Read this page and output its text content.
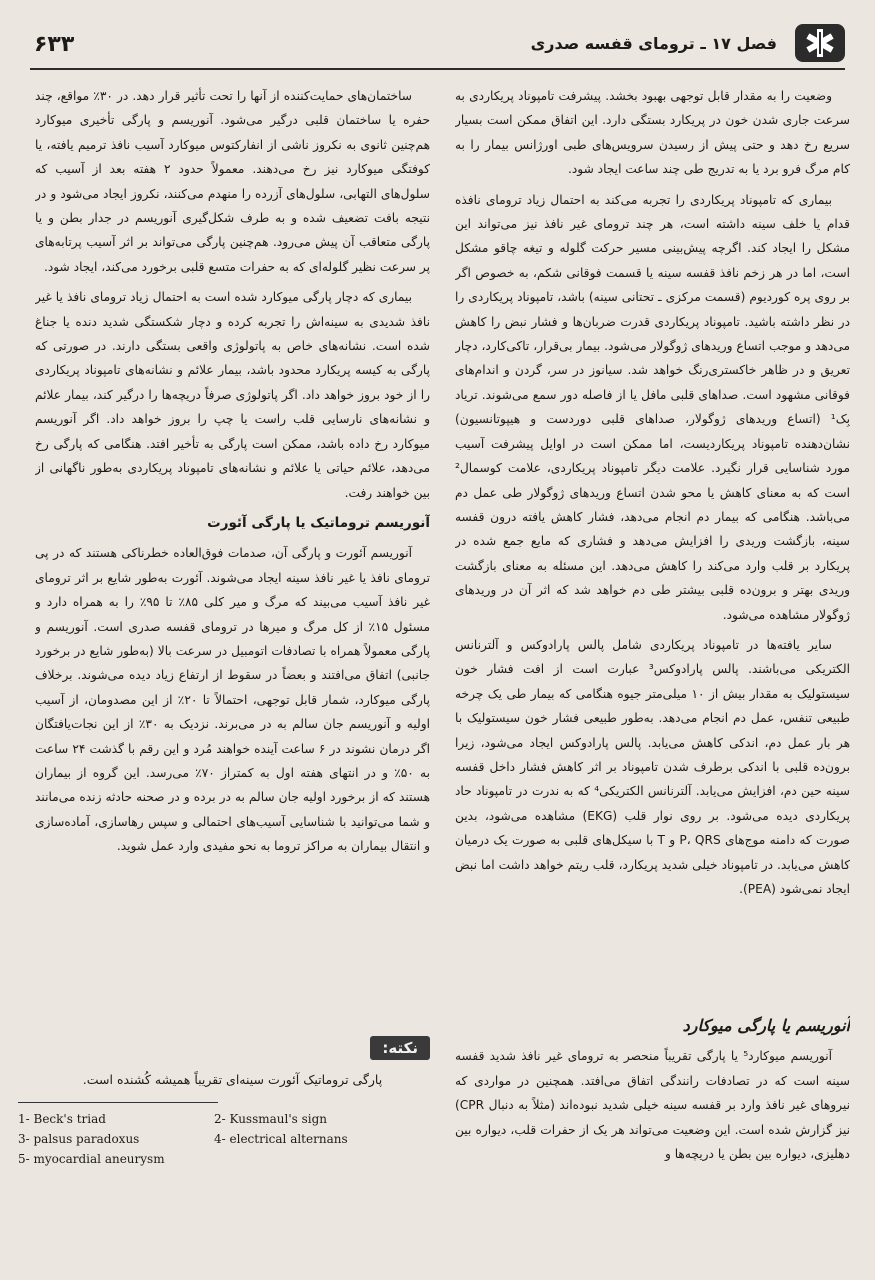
۶۳۳	فصل ۱۷ ـ ترومای قفسه صدری

وضعیت را به مقدار قابل توجهی بهبود بخشد. پیشرفت تامپوناد پریکاردی به سرعت جاری شدن خون در پریکارد بستگی دارد. این اتفاق ممکن است بسیار سریع رخ دهد و حتی پیش از رسیدن سرویس‌های طبی اورژانس بیمار را به کام مرگ فرو برد یا به تدریج طی چند ساعت ایجاد شود.

بیماری که تامپوناد پریکاردی را تجربه می‌کند به احتمال زیاد ترومای نافذه قدام یا خلف سینه داشته است، هر چند ترومای غیر نافذ نیز می‌تواند این مشکل را ایجاد کند. اگرچه پیش‌بینی مسیر حرکت گلوله و تیغه چاقو مشکل است، اما در هر زخم نافذ قفسه سینه یا قسمت فوقانی شکم، به خصوص اگر بر روی پره کوردیوم (قسمت مرکزی ـ تحتانی سینه) باشد، تامپوناد پریکاردی را در نظر داشته باشید. تامپوناد پریکاردی قدرت ضربان‌ها و فشار نبض را کاهش می‌دهد و موجب اتساع وریدهای ژوگولار می‌شود. بیمار بی‌قرار، تاکی‌کارد، دچار تعریق و در ظاهر خاکستری‌رنگ خواهد شد. سیانوز در سر، گردن و اندام‌های فوقانی مشهود است. صداهای قلبی مافل یا از فاصله دور سمع می‌شوند. ترياد بِک¹ (اتساع وریدهای ژوگولار، صداهای قلبی دوردست و هیپوتانسیون) نشان‌دهنده تامپوناد پریکاردیست، اما ممکن است در اوایل پیشرفت آسیب مورد شناسایی قرار نگیرد. علامت دیگر تامپوناد پریکاردی، علامت کوسمال² است که به معنای کاهش یا محو شدن اتساع وریدهای ژوگولار طی عمل دم می‌باشد. هنگامی که بیمار دم انجام می‌دهد، فشار کاهش یافته درون قفسه سینه، بازگشت وریدی را افزایش می‌دهد و فشاری که مایع جمع شده در پریکارد بر قلب وارد می‌کند را کاهش می‌دهد. این مسئله به معنای بازگشت وریدی بهتر و برون‌ده قلبی بیشتر طی دم خواهد شد که اثر آن در وریدهای ژوگولار مشاهده می‌شود.

سایر یافته‌ها در تامپوناد پریکاردی شامل پالس پارادوکس و آلترنانس الکتریکی می‌باشند. پالس پارادوکس³ عبارت است از افت فشار خون سیستولیک به مقدار بیش از ۱۰ میلی‌متر جیوه هنگامی که بیمار طی یک چرخه طبیعی تنفس، عمل دم انجام می‌دهد. به‌طور طبیعی فشار خون سیستولیک با هر بار عمل دم، اندکی کاهش می‌یابد. پالس پارادوکس ایجاد می‌شود، زیرا برون‌ده قلبی با اندکی برطرف شدن تامپوناد بر اثر کاهش فشار داخل قفسه سینه حین دم، افزایش می‌یابد. آلترنانس الکتریکی⁴ که به ندرت در تامپوناد حاد پریکاردی دیده می‌شود. بر روی نوار قلب (EKG) مشاهده می‌شود، بدین صورت که دامنه موج‌های P، QRS و T با سیکل‌های قلبی به صورت یک درمیان کاهش می‌یابد. در تامپوناد خیلی شدید پریکارد، قلب ریتم خواهد داشت اما نبض ایجاد نمی‌شود (PEA).

آنوریسم یا پارگی میوکارد

آنوریسم میوکارد⁵ یا پارگی تقریباً منحصر به ترومای غیر نافذ شدید قفسه سینه است که در تصادفات رانندگی اتفاق می‌افتد. همچنین در مواردی که نیروهای غیر نافذ وارد بر قفسه سینه خیلی شدید نبوده‌اند (مثلاً به دنبال CPR) نیز گزارش شده است. این وضعیت می‌تواند هر یک از حفرات قلب، دیواره بین دهلیزی، دیواره بین بطن یا دریچه‌ها و

ساختمان‌های حمایت‌کننده از آنها را تحت تأثیر قرار دهد. در ۳۰٪ مواقع، چند حفره یا ساختمان قلبی درگیر می‌شود. آنوریسم و پارگی تأخیری میوکارد هم‌چنین ثانوی به نکروز ناشی از انفارکتوس میوکارد آسیب نافذ ترمیم یافته، یا کوفتگی میوکارد نیز رخ می‌دهند. معمولاً حدود ۲ هفته بعد از آسیب که سلول‌های التهابی، سلول‌های آزرده را منهدم می‌کنند، نکروز ایجاد می‌شود و در نتیجه بافت تضعیف شده و به طرف شکل‌گیری آنوریسم در جدار بطن و یا پارگی متعاقب آن پیش می‌رود. هم‌چنین پارگی می‌تواند بر اثر آسیب پرتابه‌های پر سرعت نظیر گلوله‌ای که به حفرات متسع قلبی برخورد می‌کند، ایجاد شود.

بیماری که دچار پارگی میوکارد شده است به احتمال زیاد ترومای نافذ یا غیر نافذ شدیدی به سینه‌اش را تجربه کرده و دچار شکستگی شدید دنده یا جناغ شده است. نشانه‌های خاص به پاتولوژی واقعی بستگی دارند. در صورتی که پارگی به کیسه پریکارد محدود باشد، بیمار علائم و نشانه‌های تامپوناد پریکاردی را از خود بروز خواهد داد. اگر پاتولوژی صرفاً دریچه‌ها را درگیر کند، بیمار علائم و نشانه‌های نارسایی قلب راست یا چپ را بروز خواهد داد. اگر آنوریسم میوکارد رخ داده باشد، ممکن است پارگی به تأخیر افتد. هنگامی که پارگی رخ می‌دهد، علائم حیاتی یا علائم و نشانه‌های تامپوناد پریکاردی به‌طور ناگهانی از بین خواهند رفت.

آنوریسم تروماتیک یا پارگی آئورت

آنوریسم آئورت و پارگی آن، صدمات فوق‌العاده خطرناکی هستند که در پی ترومای نافذ یا غیر نافذ سینه ایجاد می‌شوند. آئورت به‌طور شایع بر اثر ترومای غیر نافذ آسیب می‌بیند که مرگ و میر کلی ۸۵٪ تا ۹۵٪ را به همراه دارد و مسئول ۱۵٪ از کل مرگ و میرها در ترومای قفسه صدری است. آنوریسم و پارگی معمولاً همراه با تصادفات اتومبیل در سرعت بالا (به‌طور شایع در برخورد جانبی) اتفاق می‌افتند و بعضاً در سقوط از ارتفاع زیاد دیده می‌شوند. برخلاف پارگی میوکارد، شمار قابل توجهی، احتمالاً تا ۲۰٪ از این مصدومان، از آسیب اولیه و آنوریسم جان سالم به در می‌برند. نزدیک به ۳۰٪ از این نجات‌یافتگان اگر درمان نشوند در ۶ ساعت آینده خواهند مُرد و این رقم با گذشت ۲۴ ساعت به ۵۰٪ و در انتهای هفته اول به کمتراز ۷۰٪ می‌رسد. این گروه از بیماران هستند که از برخورد اولیه جان سالم به در برده و در صحنه حادثه زنده می‌مانند و شما می‌توانید با شناسایی آسیب‌های احتمالی و سپس رهاسازی، آماده‌سازی و انتقال بیماران به مراکز تروما به نحو مفیدی وارد عمل شوید.

نکته:
پارگی تروماتیک آئورت سینه‌ای تقریباً همیشه کُشنده است.
1- Beck's triad	2- Kussmaul's sign
3- palsus paradoxus	4- electrical alternans
5- myocardial aneurysm
